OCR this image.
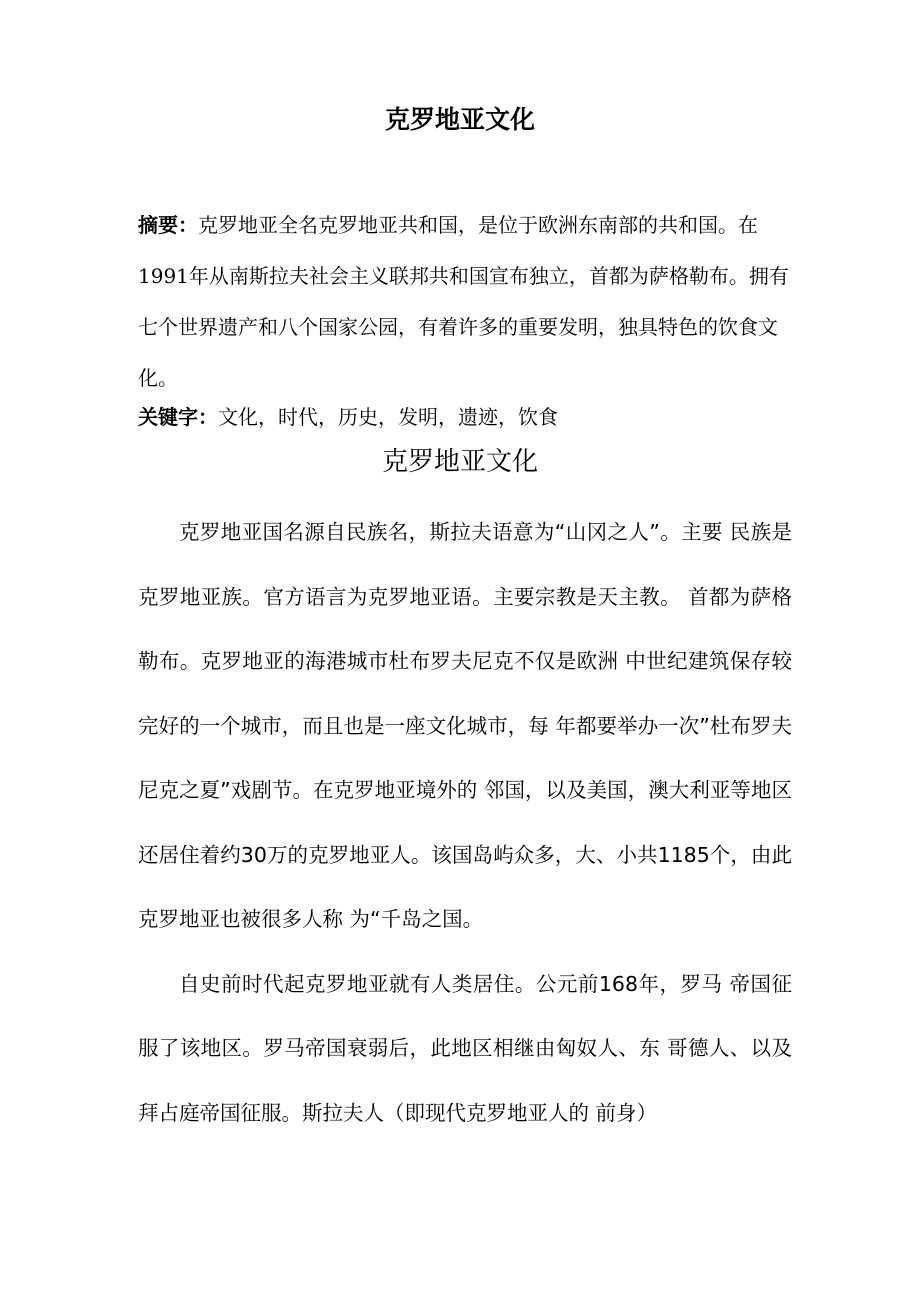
克罗地亚文化
摘要：克罗地亚全名克罗地亚共和国，是位于欧洲东南部的共和国。在1991年从南斯拉夫社会主义联邦共和国宣布独立，首都为萨格勒布。拥有七个世界遗产和八个国家公园，有着许多的重要发明，独具特色的饮食文化。
关键字：文化，时代，历史，发明，遗迹，饮食
克罗地亚文化

克罗地亚国名源自民族名，斯拉夫语意为“山冈之人”。主要 民族是克罗地亚族。官方语言为克罗地亚语。主要宗教是天主教。 首都为萨格勒布。克罗地亚的海港城市杜布罗夫尼克不仅是欧洲 中世纪建筑保存较完好的一个城市，而且也是一座文化城市，每 年都要举办一次”杜布罗夫尼克之夏”戏剧节。在克罗地亚境外的 邻国，以及美国，澳大利亚等地区还居住着约30万的克罗地亚人。该国岛屿众多，大、小共1185个，由此克罗地亚也被很多人称 为“千岛之国。

自史前时代起克罗地亚就有人类居住。公元前168年，罗马 帝国征服了该地区。罗马帝国衰弱后，此地区相继由匈奴人、东 哥德人、以及拜占庭帝国征服。斯拉夫人（即现代克罗地亚人的 前身）
